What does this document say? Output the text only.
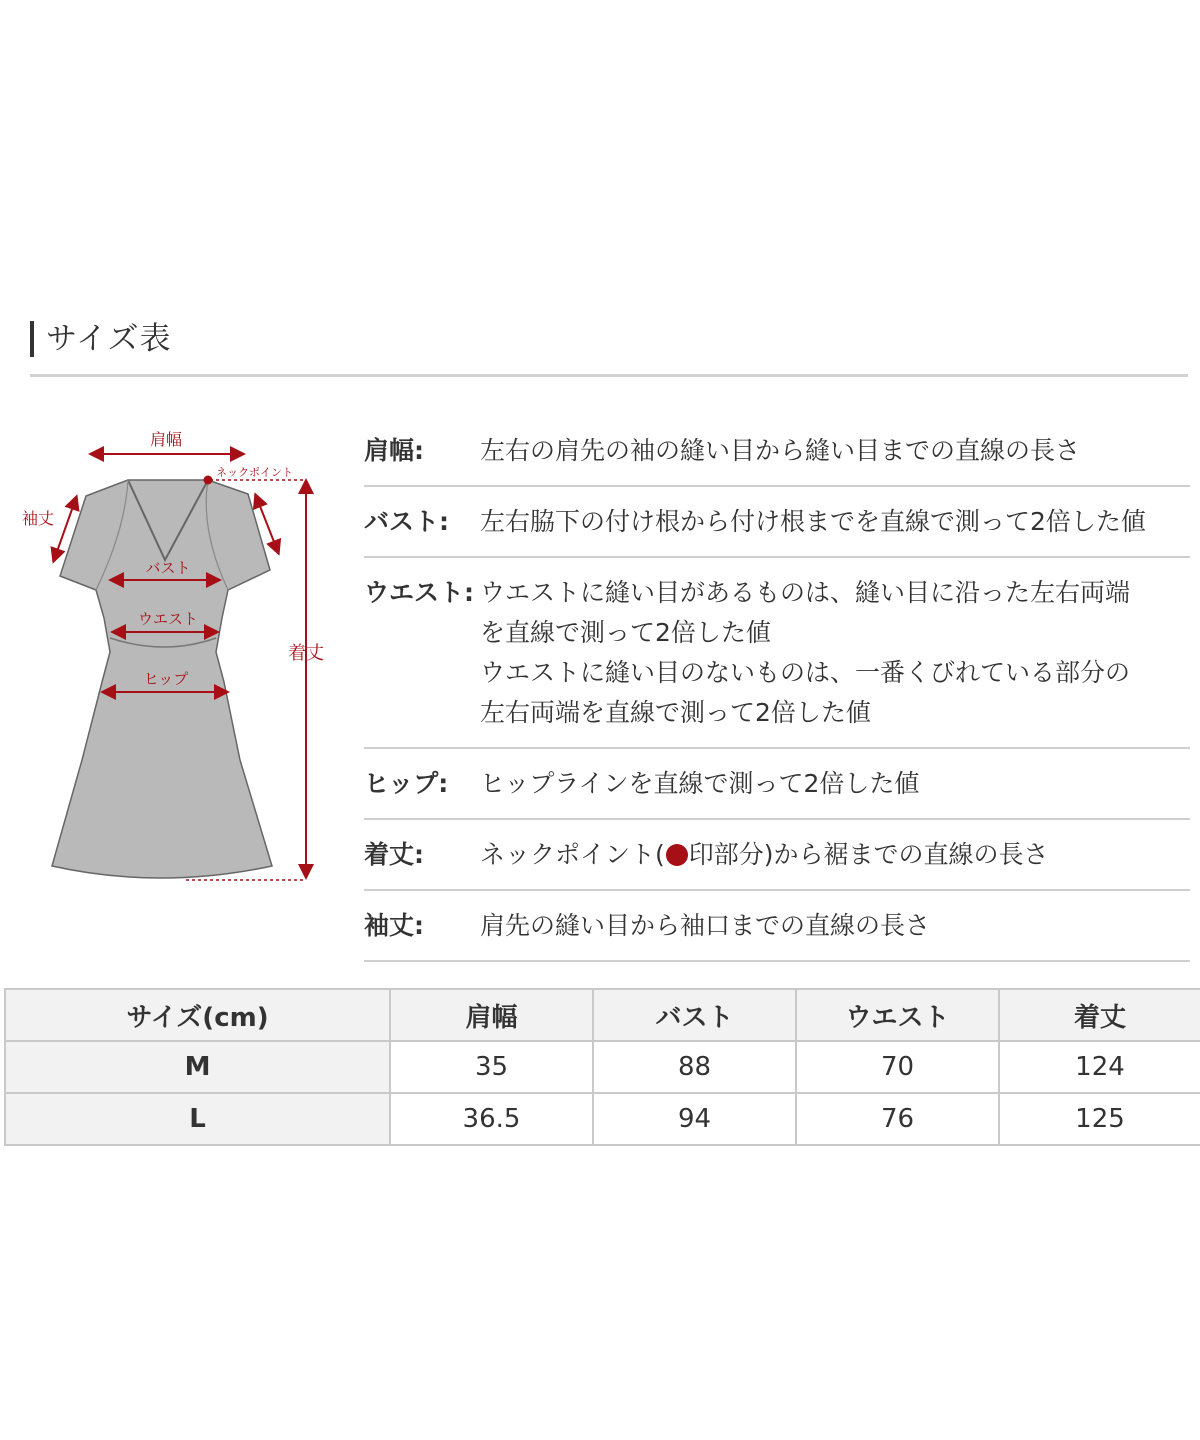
サイズ表
肩幅
ネックポイント
袖丈
バスト
ウエスト
ヒップ
着丈
肩幅:	左右の肩先の袖の縫い目から縫い目までの直線の長さ
バスト:	左右脇下の付け根から付け根までを直線で測って2倍した値
ウエスト: ウエストに縫い目があるものは、縫い目に沿った左右両端
を直線で測って2倍した値
ウエストに縫い目のないものは、一番くびれている部分の
左右両端を直線で測って2倍した値
ヒップ:	ヒップラインを直線で測って2倍した値
着丈:	ネックポイント( 印部分)から裾までの直線の長さ
袖丈:	肩先の縫い目から袖口までの直線の長さ
サイズ(cm)	肩幅	バスト	ウエスト	着丈
M	35	88	70	124
L	36.5	94	76	125
